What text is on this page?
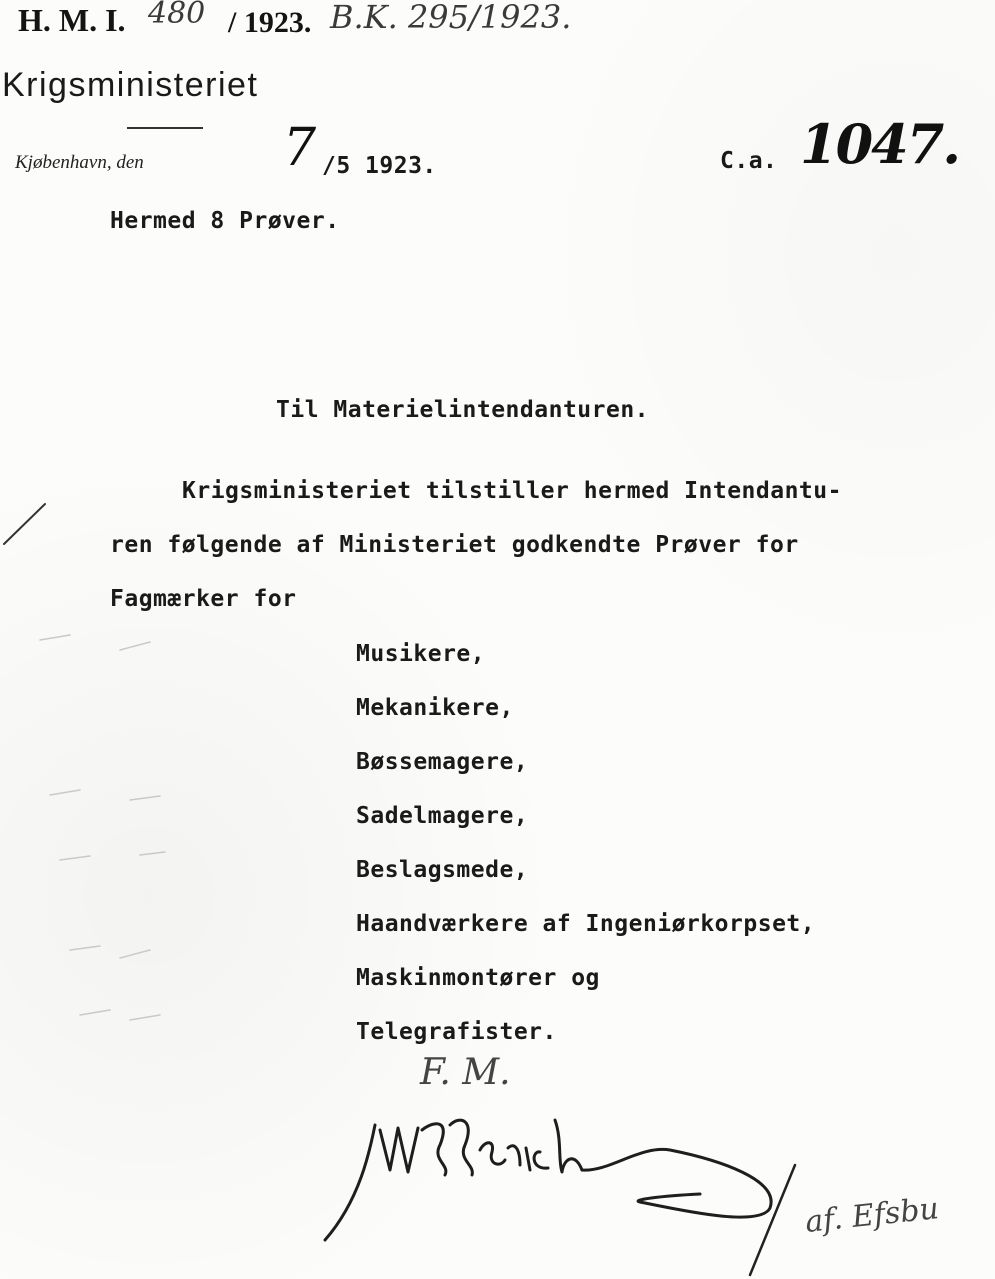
H. M. I. 480 / 1923. B.K. 295/1923.
Krigsministeriet
Kjøbenhavn, den	7 /5 1923.	C.a. 1047.
Hermed 8 Prøver.
Til Materielintendanturen.
Krigsministeriet tilstiller hermed Intendantu-
ren følgende af Ministeriet godkendte Prøver for
Fagmærker for
Musikere,
Mekanikere,
Bøssemagere,
Sadelmagere,
Beslagsmede,
Haandværkere af Ingeniørkorpset,
Maskinmontører og
Telegrafister.
F. M.
af. Efsbu
